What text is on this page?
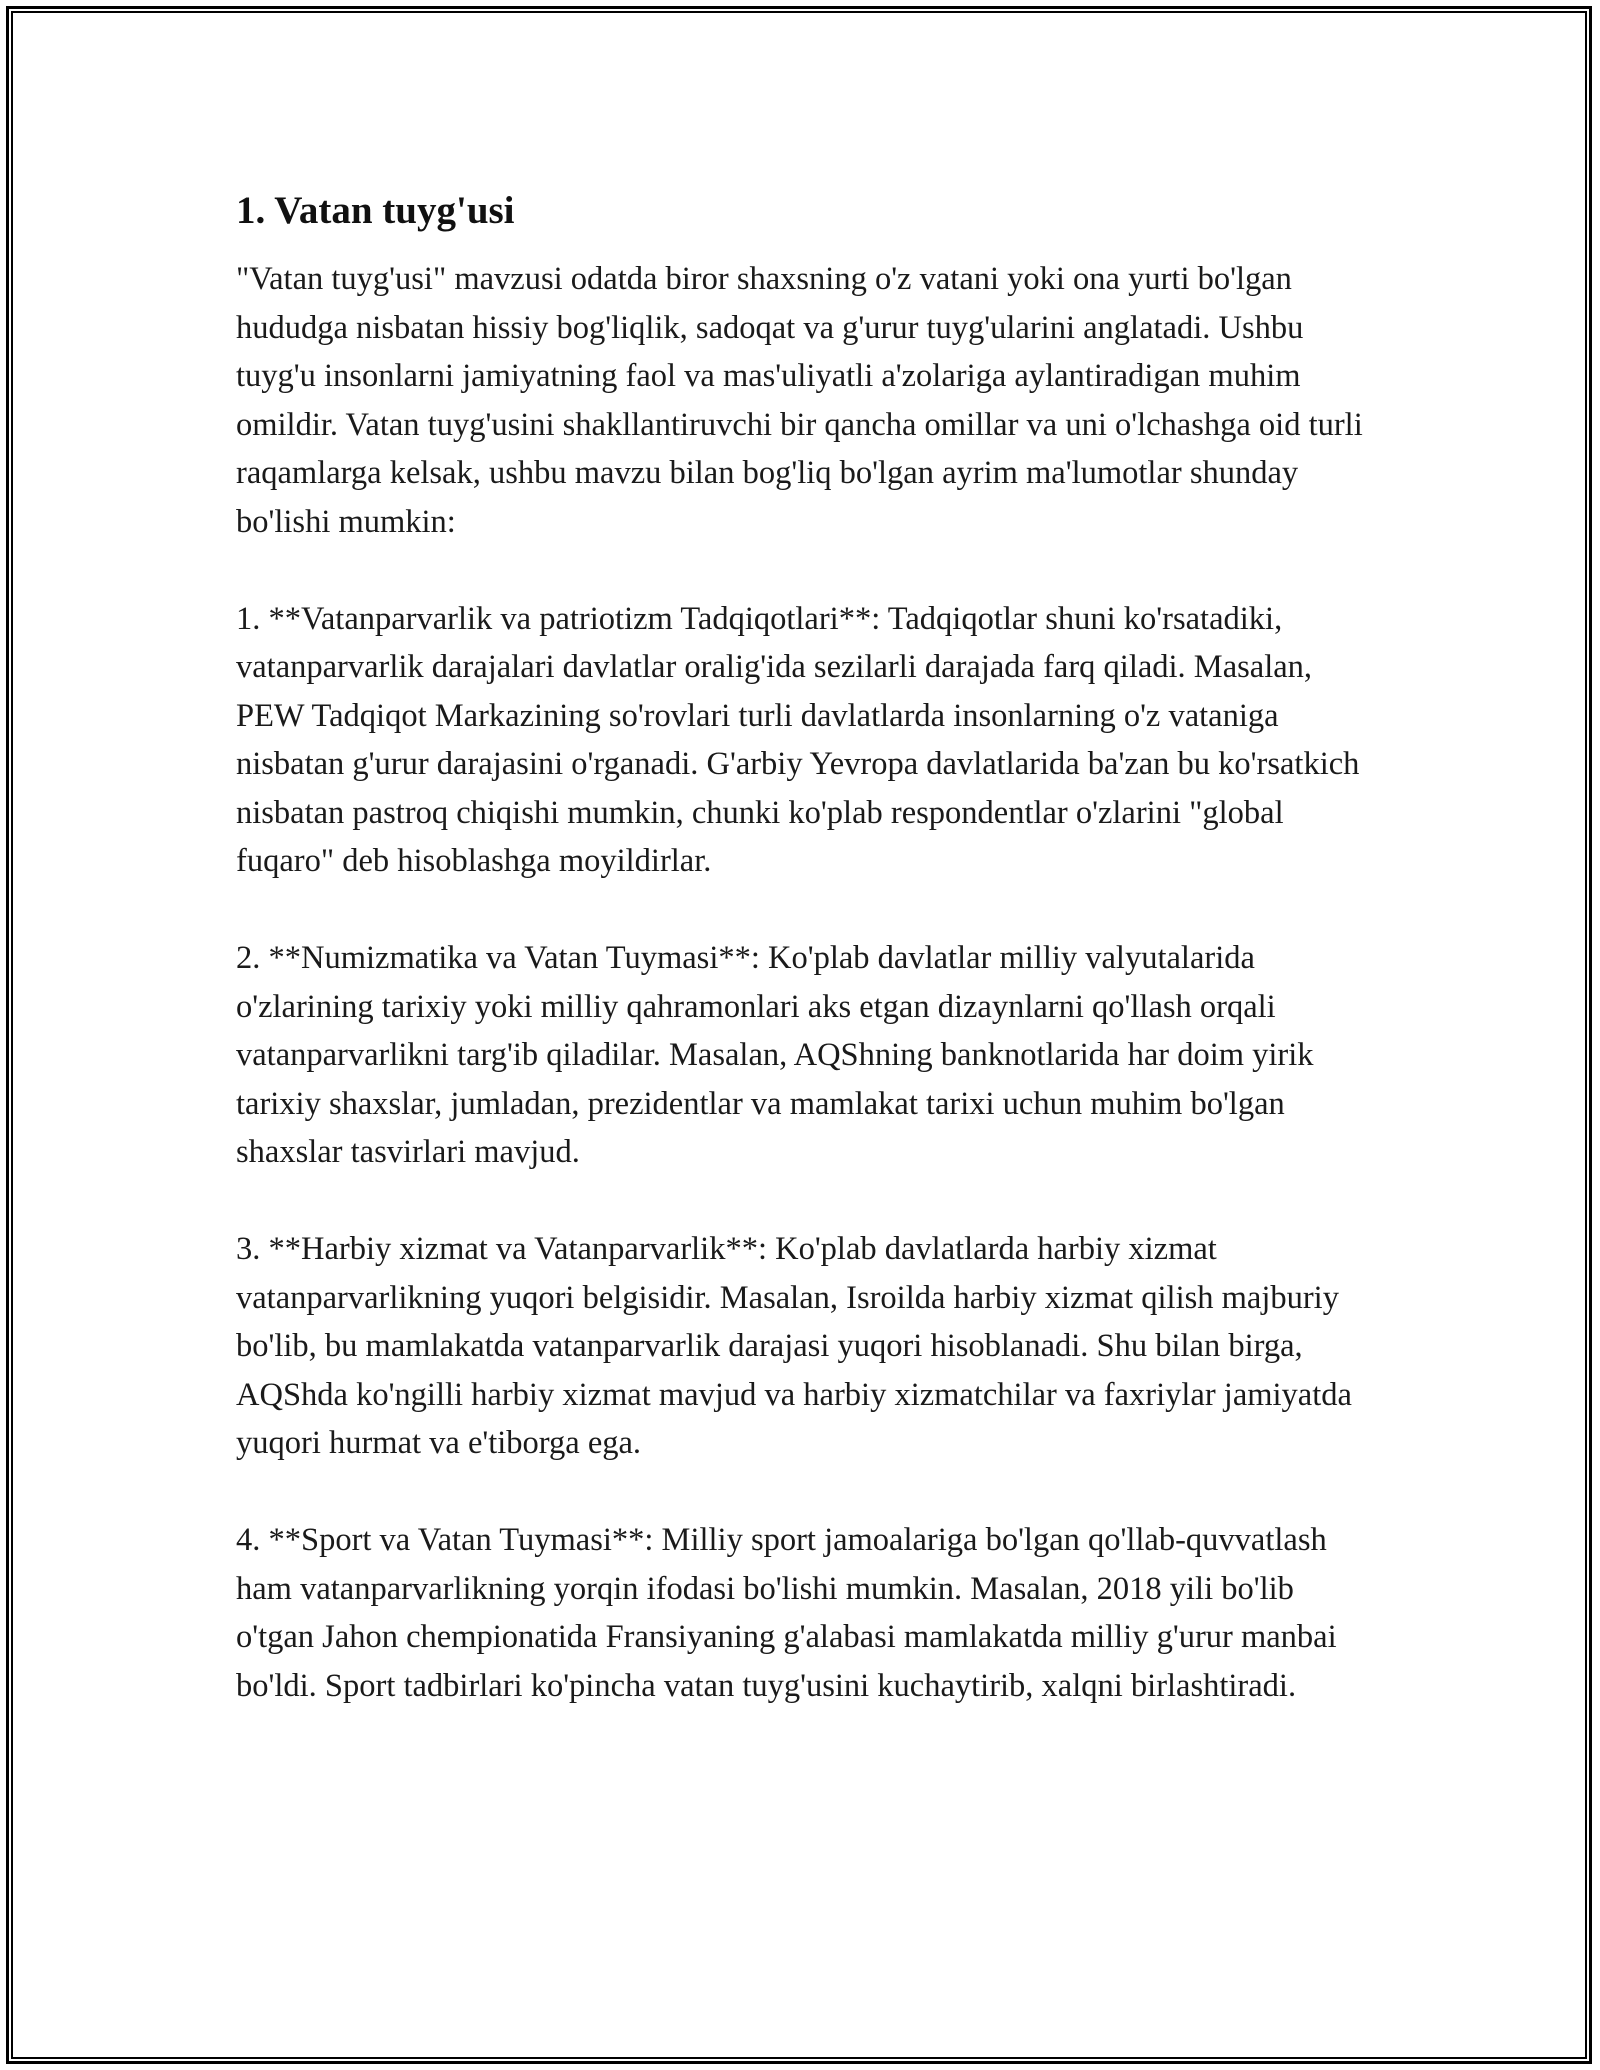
1. Vatan tuyg'usi

"Vatan tuyg'usi" mavzusi odatda biror shaxsning o'z vatani yoki ona yurti bo'lgan hududga nisbatan hissiy bog'liqlik, sadoqat va g'urur tuyg'ularini anglatadi. Ushbu tuyg'u insonlarni jamiyatning faol va mas'uliyatli a'zolariga aylantiradigan muhim omildir. Vatan tuyg'usini shakllantiruvchi bir qancha omillar va uni o'lchashga oid turli raqamlarga kelsak, ushbu mavzu bilan bog'liq bo'lgan ayrim ma'lumotlar shunday bo'lishi mumkin:

1. **Vatanparvarlik va patriotizm Tadqiqotlari**: Tadqiqotlar shuni ko'rsatadiki, vatanparvarlik darajalari davlatlar oralig'ida sezilarli darajada farq qiladi. Masalan, PEW Tadqiqot Markazining so'rovlari turli davlatlarda insonlarning o'z vataniga nisbatan g'urur darajasini o'rganadi. G'arbiy Yevropa davlatlarida ba'zan bu ko'rsatkich nisbatan pastroq chiqishi mumkin, chunki ko'plab respondentlar o'zlarini "global fuqaro" deb hisoblashga moyildirlar.

2. **Numizmatika va Vatan Tuymasi**: Ko'plab davlatlar milliy valyutalarida o'zlarining tarixiy yoki milliy qahramonlari aks etgan dizaynlarni qo'llash orqali vatanparvarlikni targ'ib qiladilar. Masalan, AQShning banknotlarida har doim yirik tarixiy shaxslar, jumladan, prezidentlar va mamlakat tarixi uchun muhim bo'lgan shaxslar tasvirlari mavjud.

3. **Harbiy xizmat va Vatanparvarlik**: Ko'plab davlatlarda harbiy xizmat vatanparvarlikning yuqori belgisidir. Masalan, Isroilda harbiy xizmat qilish majburiy bo'lib, bu mamlakatda vatanparvarlik darajasi yuqori hisoblanadi. Shu bilan birga, AQShda ko'ngilli harbiy xizmat mavjud va harbiy xizmatchilar va faxriylar jamiyatda yuqori hurmat va e'tiborga ega.

4. **Sport va Vatan Tuymasi**: Milliy sport jamoalariga bo'lgan qo'llab-quvvatlash ham vatanparvarlikning yorqin ifodasi bo'lishi mumkin. Masalan, 2018 yili bo'lib o'tgan Jahon chempionatida Fransiyaning g'alabasi mamlakatda milliy g'urur manbai bo'ldi. Sport tadbirlari ko'pincha vatan tuyg'usini kuchaytirib, xalqni birlashtiradi.
